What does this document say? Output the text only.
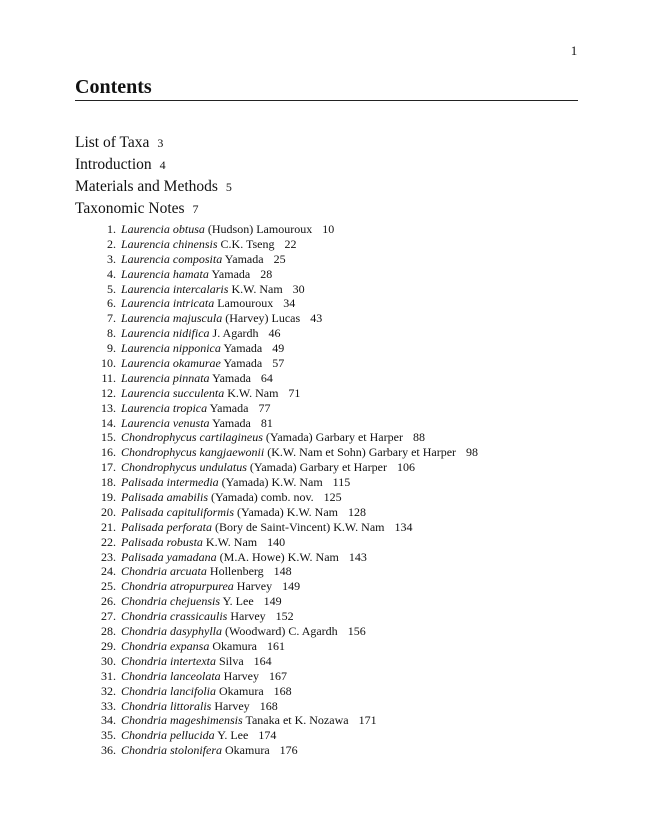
1
Contents
List of Taxa 3
Introduction 4
Materials and Methods 5
Taxonomic Notes 7
1. Laurencia obtusa (Hudson) Lamouroux 10
2. Laurencia chinensis C.K. Tseng 22
3. Laurencia composita Yamada 25
4. Laurencia hamata Yamada 28
5. Laurencia intercalaris K.W. Nam 30
6. Laurencia intricata Lamouroux 34
7. Laurencia majuscula (Harvey) Lucas 43
8. Laurencia nidifica J. Agardh 46
9. Laurencia nipponica Yamada 49
10. Laurencia okamurae Yamada 57
11. Laurencia pinnata Yamada 64
12. Laurencia succulenta K.W. Nam 71
13. Laurencia tropica Yamada 77
14. Laurencia venusta Yamada 81
15. Chondrophycus cartilagineus (Yamada) Garbary et Harper 88
16. Chondrophycus kangjaewonii (K.W. Nam et Sohn) Garbary et Harper 98
17. Chondrophycus undulatus (Yamada) Garbary et Harper 106
18. Palisada intermedia (Yamada) K.W. Nam 115
19. Palisada amabilis (Yamada) comb. nov. 125
20. Palisada capituliformis (Yamada) K.W. Nam 128
21. Palisada perforata (Bory de Saint-Vincent) K.W. Nam 134
22. Palisada robusta K.W. Nam 140
23. Palisada yamadana (M.A. Howe) K.W. Nam 143
24. Chondria arcuata Hollenberg 148
25. Chondria atropurpurea Harvey 149
26. Chondria chejuensis Y. Lee 149
27. Chondria crassicaulis Harvey 152
28. Chondria dasyphylla (Woodward) C. Agardh 156
29. Chondria expansa Okamura 161
30. Chondria intertexta Silva 164
31. Chondria lanceolata Harvey 167
32. Chondria lancifolia Okamura 168
33. Chondria littoralis Harvey 168
34. Chondria mageshimensis Tanaka et K. Nozawa 171
35. Chondria pellucida Y. Lee 174
36. Chondria stolonifera Okamura 176
